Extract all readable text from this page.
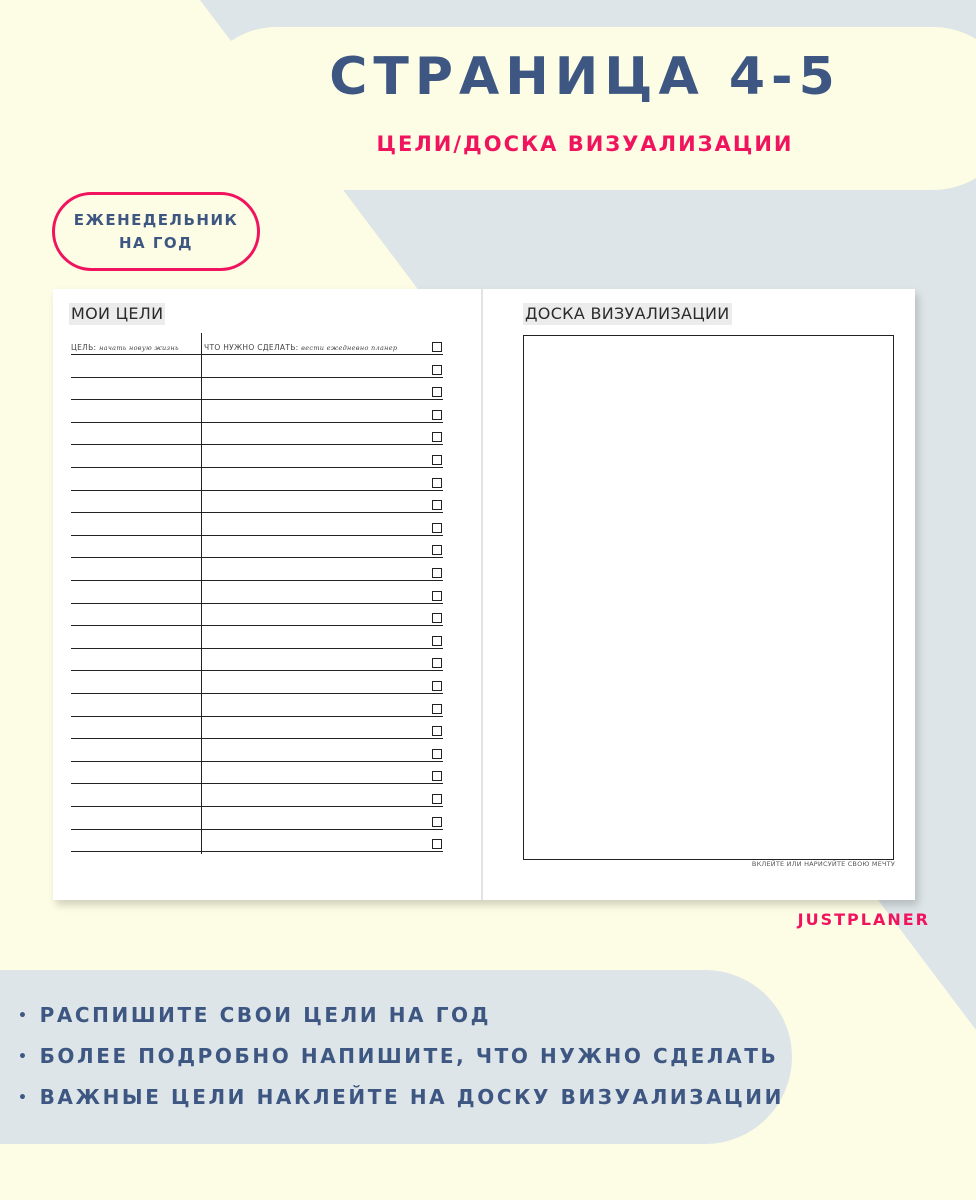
СТРАНИЦА 4-5
ЦЕЛИ/ДОСКА ВИЗУАЛИЗАЦИИ
ЕЖЕНЕДЕЛЬНИК
НА ГОД
МОИ ЦЕЛИ
ЦЕЛЬ: начать новую жизнь	ЧТО НУЖНО СДЕЛАТЬ: вести ежедневно планер
ДОСКА ВИЗУАЛИЗАЦИИ
ВКЛЕЙТЕ ИЛИ НАРИСУЙТЕ СВОЮ МЕЧТУ
JUSTPLANER
• РАСПИШИТЕ СВОИ ЦЕЛИ НА ГОД
• БОЛЕЕ ПОДРОБНО НАПИШИТЕ, ЧТО НУЖНО СДЕЛАТЬ
• ВАЖНЫЕ ЦЕЛИ НАКЛЕЙТЕ НА ДОСКУ ВИЗУАЛИЗАЦИИ
